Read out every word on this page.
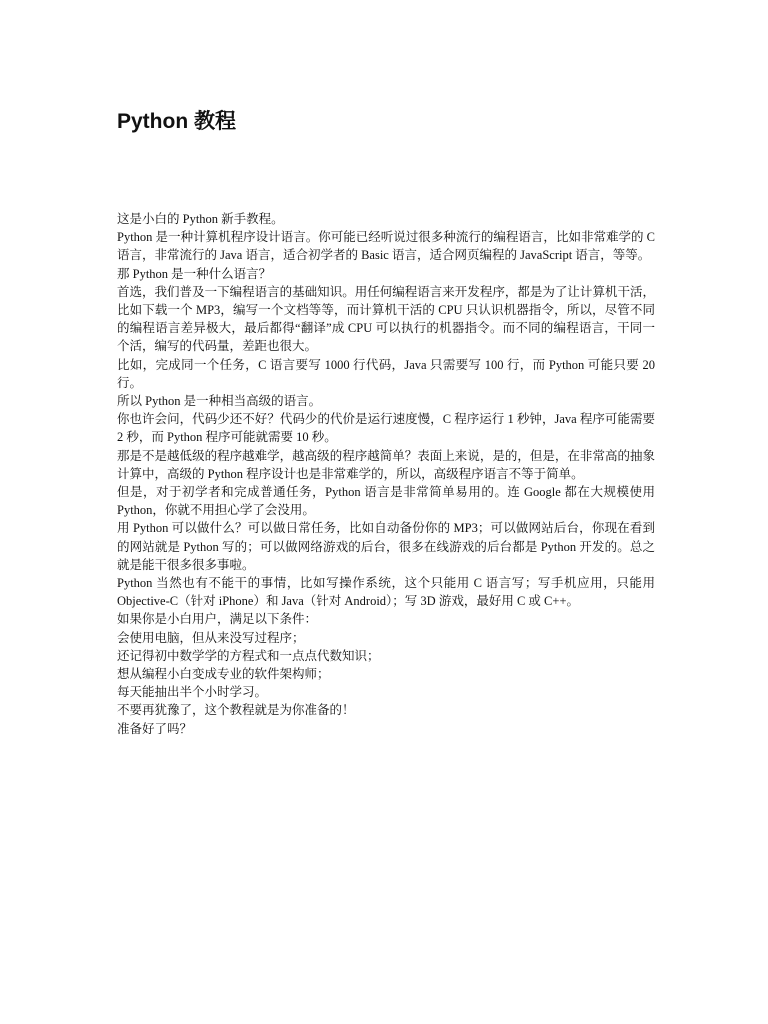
Python 教程

这是小白的 Python 新手教程。

Python 是一种计算机程序设计语言。你可能已经听说过很多种流行的编程语言，比如非常难学的 C 语言，非常流行的 Java 语言，适合初学者的 Basic 语言，适合网页编程的 JavaScript 语言，等等。

那 Python 是一种什么语言？

首选，我们普及一下编程语言的基础知识。用任何编程语言来开发程序，都是为了让计算机干活，比如下载一个 MP3，编写一个文档等等，而计算机干活的 CPU 只认识机器指令，所以，尽管不同的编程语言差异极大，最后都得“翻译”成 CPU 可以执行的机器指令。而不同的编程语言，干同一个活，编写的代码量，差距也很大。

比如，完成同一个任务，C 语言要写 1000 行代码，Java 只需要写 100 行，而 Python 可能只要 20 行。

所以 Python 是一种相当高级的语言。

你也许会问，代码少还不好？代码少的代价是运行速度慢，C 程序运行 1 秒钟，Java 程序可能需要 2 秒，而 Python 程序可能就需要 10 秒。

那是不是越低级的程序越难学，越高级的程序越简单？表面上来说，是的，但是，在非常高的抽象计算中，高级的 Python 程序设计也是非常难学的，所以，高级程序语言不等于简单。

但是，对于初学者和完成普通任务，Python 语言是非常简单易用的。连 Google 都在大规模使用 Python，你就不用担心学了会没用。

用 Python 可以做什么？可以做日常任务，比如自动备份你的 MP3；可以做网站后台，你现在看到的网站就是 Python 写的；可以做网络游戏的后台，很多在线游戏的后台都是 Python 开发的。总之就是能干很多很多事啦。

Python 当然也有不能干的事情，比如写操作系统，这个只能用 C 语言写；写手机应用，只能用 Objective-C（针对 iPhone）和 Java（针对 Android）；写 3D 游戏，最好用 C 或 C++。

如果你是小白用户，满足以下条件：

会使用电脑，但从来没写过程序；

还记得初中数学学的方程式和一点点代数知识；

想从编程小白变成专业的软件架构师；

每天能抽出半个小时学习。

不要再犹豫了，这个教程就是为你准备的！

准备好了吗？
